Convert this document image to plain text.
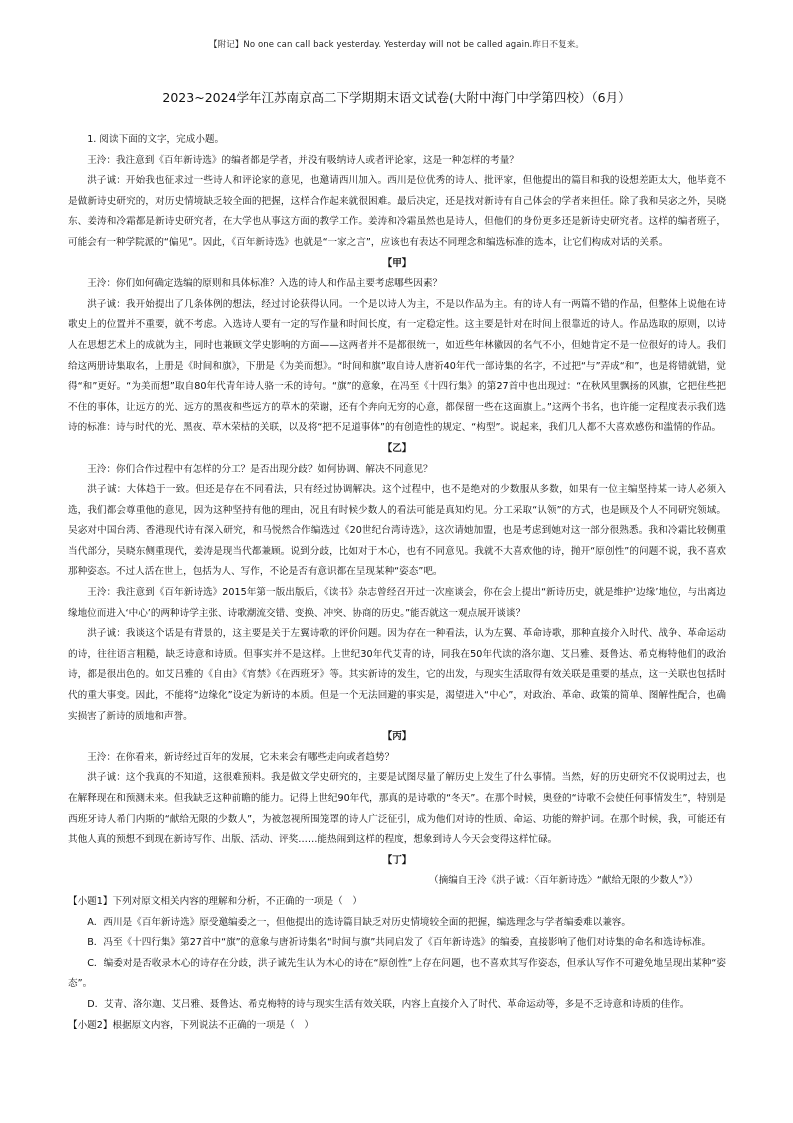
【附记】No one can call back yesterday. Yesterday will not be called again.昨日不复来。
2023~2024学年江苏南京高二下学期期末语文试卷(大附中海门中学第四校）（6月）

1. 阅读下面的文字，完成小题。

王泠：我注意到《百年新诗选》的编者都是学者，并没有吸纳诗人或者评论家，这是一种怎样的考量？

洪子诚：开始我也征求过一些诗人和评论家的意见，也邀请西川加入。西川是位优秀的诗人、批评家，但他提出的篇目和我的设想差距太大，他毕竟不是做新诗史研究的，对历史情境缺乏较全面的把握，这样合作起来就很困难。最后决定，还是找对新诗有自己体会的学者来担任。除了我和吴宓之外，吴晓东、姜涛和冷霜都是新诗史研究者，在大学也从事这方面的教学工作。姜涛和冷霜虽然也是诗人，但他们的身份更多还是新诗史研究者。这样的编者班子，可能会有一种学院派的“偏见”。因此，《百年新诗选》也就是“一家之言”，应该也有表达不同理念和编选标准的选本，让它们构成对话的关系。

【甲】

王泠：你们如何确定选编的原则和具体标准？入选的诗人和作品主要考虑哪些因素？

洪子诚：我开始提出了几条体例的想法，经过讨论获得认同。一个是以诗人为主，不是以作品为主。有的诗人有一两篇不错的作品，但整体上说他在诗歌史上的位置并不重要，就不考虑。入选诗人要有一定的写作量和时间长度，有一定稳定性。这主要是针对在时间上很靠近的诗人。作品选取的原则，以诗人在思想艺术上的成就为主，同时也兼顾文学史影响的方面——这两者并不是都很统一，如近些年林徽因的名气不小，但她肯定不是一位很好的诗人。我们给这两册诗集取名，上册是《时间和旗》，下册是《为美而想》。“时间和旗”取自诗人唐祈40年代一部诗集的名字，不过把“与”弄成“和”，也是将错就错，觉得“和”更好。“为美而想”取自80年代青年诗人骆一禾的诗句。“旗”的意象，在冯至《十四行集》的第27首中也出现过：“在秋风里飘扬的风旗，它把住些把不住的事体，让远方的光、远方的黑夜和些远方的草木的荣谢，还有个奔向无穷的心意，都保留一些在这面旗上。”这两个书名，也许能一定程度表示我们选诗的标准：诗与时代的光、黑夜、草木荣枯的关联，以及将“把不足道事体”的有创造性的规定、“构型”。说起来，我们几人都不大喜欢感伤和滥情的作品。

【乙】

王泠：你们合作过程中有怎样的分工？是否出现分歧？如何协调、解决不同意见？

洪子诚：大体趋于一致。但还是存在不同看法，只有经过协调解决。这个过程中，也不是绝对的少数服从多数，如果有一位主编坚持某一诗人必须入选，我们都会尊重他的意见，因为这种坚持有他的理由，况且有时候少数人的看法可能是真知灼见。分工采取“认领”的方式，也是顾及个人不同研究领域。吴宓对中国台湾、香港现代诗有深入研究，和马悦然合作编选过《20世纪台湾诗选》，这次请她加盟，也是考虑到她对这一部分很熟悉。我和冷霜比较侧重当代部分，吴晓东侧重现代，姜涛是现当代都兼顾。说到分歧，比如对于木心，也有不同意见。我就不大喜欢他的诗，抛开“原创性”的问题不说，我不喜欢那种姿态。不过人活在世上，包括为人、写作，不论是否有意识都在呈现某种“姿态”吧。

王泠：我注意到《百年新诗选》2015年第一版出版后，《读书》杂志曾经召开过一次座谈会，你在会上提出“新诗历史，就是维护‘边缘’地位，与出离边缘地位而进入‘中心’的两种诗学主张、诗歌潮流交错、变换、冲突、协商的历史。”能否就这一观点展开谈谈？

洪子诚：我谈这个话是有背景的，这主要是关于左翼诗歌的评价问题。因为存在一种看法，认为左翼、革命诗歌，那种直接介入时代、战争、革命运动的诗，往往语言粗糙，缺乏诗意和诗质。但事实并不是这样。上世纪30年代艾青的诗，同我在50年代读的洛尔迦、艾吕雅、聂鲁达、希克梅特他们的政治诗，都是很出色的。如艾吕雅的《自由》《宵禁》《在西班牙》等。其实新诗的发生，它的出发，与现实生活取得有效关联是重要的基点，这一关联也包括时代的重大事变。因此，不能将“边缘化”设定为新诗的本质。但是一个无法回避的事实是，渴望进入“中心”，对政治、革命、政策的简单、图解性配合，也确实损害了新诗的质地和声誉。

【丙】

王泠：在你看来，新诗经过百年的发展，它未来会有哪些走向或者趋势？

洪子诚：这个我真的不知道，这很难预料。我是做文学史研究的，主要是试图尽量了解历史上发生了什么事情。当然，好的历史研究不仅说明过去，也在解释现在和预测未来。但我缺乏这种前瞻的能力。记得上世纪90年代，那真的是诗歌的“冬天”。在那个时候，奥登的“诗歌不会使任何事情发生”，特别是西班牙诗人希门内斯的“献给无限的少数人”，为被忽视所围笼罩的诗人广泛征引，成为他们对诗的性质、命运、功能的辩护词。在那个时候，我，可能还有其他人真的预想不到现在新诗写作、出版、活动、评奖……能热闹到这样的程度，想象到诗人今天会变得这样忙碌。

【丁】

（摘编自王泠《洪子诚：〈百年新诗选〉“献给无限的少数人”》）

【小题1】下列对原文相关内容的理解和分析，不正确的一项是（　）

A．西川是《百年新诗选》原受邀编委之一，但他提出的选诗篇目缺乏对历史情境较全面的把握，编选理念与学者编委难以兼容。

B．冯至《十四行集》第27首中“旗”的意象与唐祈诗集名“时间与旗”共同启发了《百年新诗选》的编委，直接影响了他们对诗集的命名和选诗标准。

C．编委对是否收录木心的诗存在分歧，洪子诚先生认为木心的诗在“原创性”上存在问题，也不喜欢其写作姿态，但承认写作不可避免地呈现出某种“姿态”。

D．艾青、洛尔迦、艾吕雅、聂鲁达、希克梅特的诗与现实生活有效关联，内容上直接介入了时代、革命运动等，多是不乏诗意和诗质的佳作。

【小题2】根据原文内容，下列说法不正确的一项是（　）
